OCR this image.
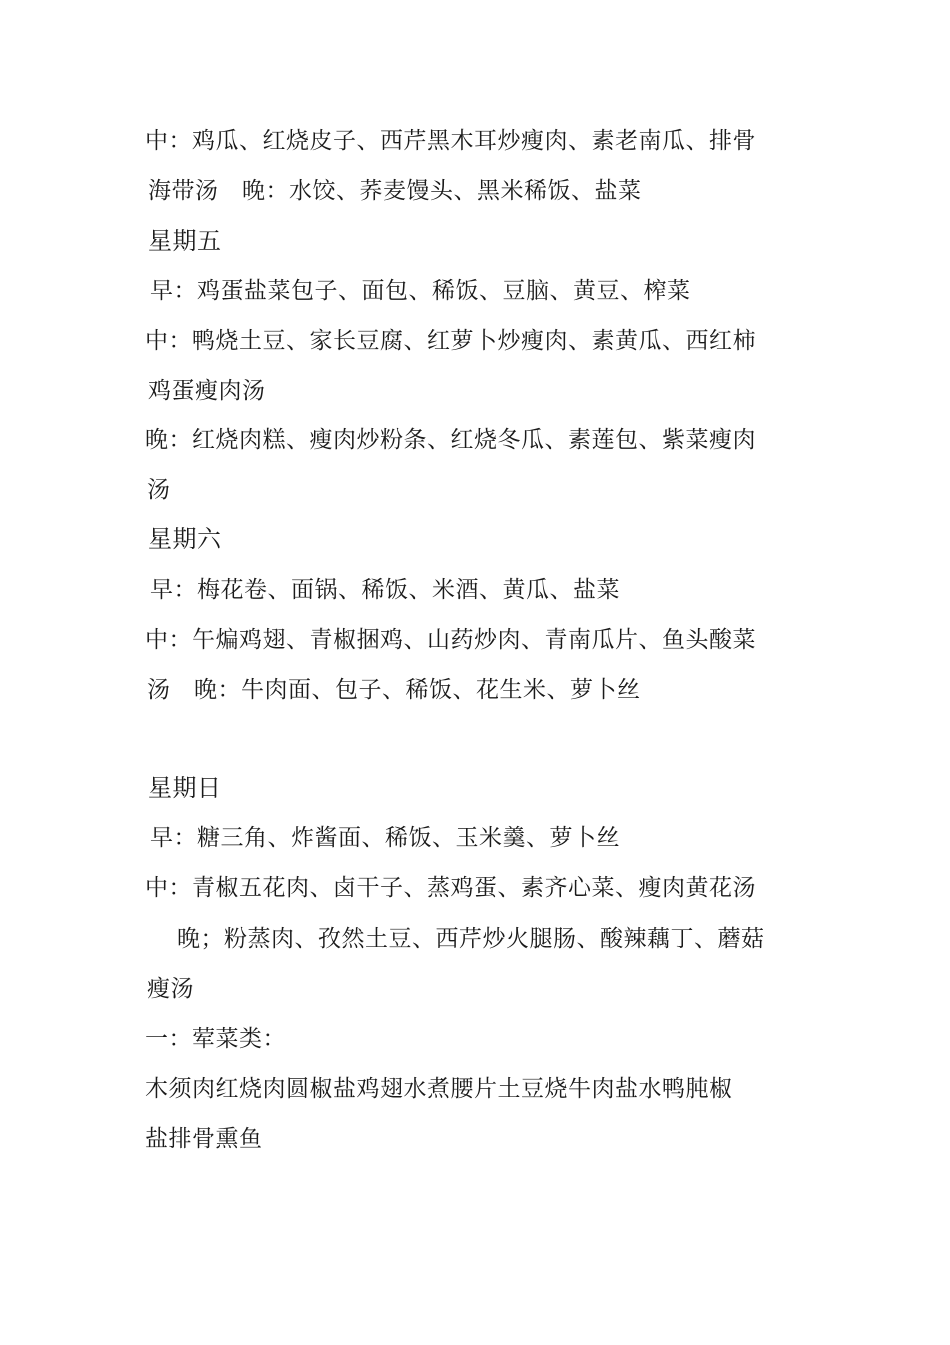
中：鸡瓜、红烧皮子、西芹黑木耳炒瘦肉、素老南瓜、排骨
海带汤　晚：水饺、荞麦馒头、黑米稀饭、盐菜
星期五
早：鸡蛋盐菜包子、面包、稀饭、豆脑、黄豆、榨菜
中：鸭烧土豆、家长豆腐、红萝卜炒瘦肉、素黄瓜、西红柿
鸡蛋瘦肉汤
晚：红烧肉糕、瘦肉炒粉条、红烧冬瓜、素莲包、紫菜瘦肉
汤
星期六
早：梅花卷、面锅、稀饭、米酒、黄瓜、盐菜
中：午煸鸡翅、青椒捆鸡、山药炒肉、青南瓜片、鱼头酸菜
汤　晚：牛肉面、包子、稀饭、花生米、萝卜丝
星期日
早：糖三角、炸酱面、稀饭、玉米羹、萝卜丝
中：青椒五花肉、卤干子、蒸鸡蛋、素齐心菜、瘦肉黄花汤
晚；粉蒸肉、孜然土豆、西芹炒火腿肠、酸辣藕丁、蘑菇
瘦汤
一：荤菜类：
木须肉红烧肉圆椒盐鸡翅水煮腰片土豆烧牛肉盐水鸭肫椒
盐排骨熏鱼
